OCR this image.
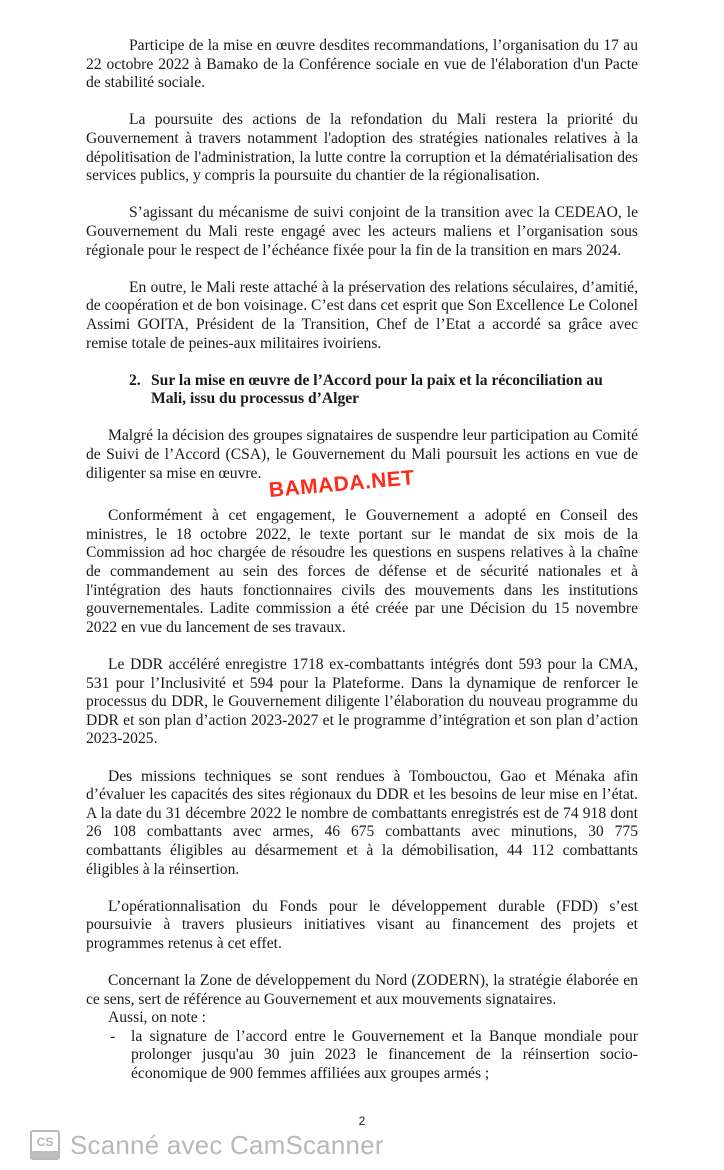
Participe de la mise en œuvre desdites recommandations, l’organisation du 17 au 22 octobre 2022 à Bamako de la Conférence sociale en vue de l'élaboration d'un Pacte de stabilité sociale.

La poursuite des actions de la refondation du Mali restera la priorité du Gouvernement à travers notamment l'adoption des stratégies nationales relatives à la dépolitisation de l'administration, la lutte contre la corruption et la dématérialisation des services publics, y compris la poursuite du chantier de la régionalisation.

S’agissant du mécanisme de suivi conjoint de la transition avec la CEDEAO, le Gouvernement du Mali reste engagé avec les acteurs maliens et l’organisation sous régionale pour le respect de l’échéance fixée pour la fin de la transition en mars 2024.

En outre, le Mali reste attaché à la préservation des relations séculaires, d’amitié, de coopération et de bon voisinage. C’est dans cet esprit que Son Excellence Le Colonel Assimi GOITA, Président de la Transition, Chef de l’Etat a accordé sa grâce avec remise totale de peines-aux militaires ivoiriens.

2. Sur la mise en œuvre de l’Accord pour la paix et la réconciliation au Mali, issu du processus d’Alger

Malgré la décision des groupes signataires de suspendre leur participation au Comité de Suivi de l’Accord (CSA), le Gouvernement du Mali poursuit les actions en vue de diligenter sa mise en œuvre. BAMADA.NET

Conformément à cet engagement, le Gouvernement a adopté en Conseil des ministres, le 18 octobre 2022, le texte portant sur le mandat de six mois de la Commission ad hoc chargée de résoudre les questions en suspens relatives à la chaîne de commandement au sein des forces de défense et de sécurité nationales et à l'intégration des hauts fonctionnaires civils des mouvements dans les institutions gouvernementales. Ladite commission a été créée par une Décision du 15 novembre 2022 en vue du lancement de ses travaux.

Le DDR accéléré enregistre 1718 ex-combattants intégrés dont 593 pour la CMA, 531 pour l’Inclusivité et 594 pour la Plateforme. Dans la dynamique de renforcer le processus du DDR, le Gouvernement diligente l’élaboration du nouveau programme du DDR et son plan d’action 2023-2027 et le programme d’intégration et son plan d’action 2023-2025.

Des missions techniques se sont rendues à Tombouctou, Gao et Ménaka afin d’évaluer les capacités des sites régionaux du DDR et les besoins de leur mise en l’état. A la date du 31 décembre 2022 le nombre de combattants enregistrés est de 74 918 dont 26 108 combattants avec armes, 46 675 combattants avec minutions, 30 775 combattants éligibles au désarmement et à la démobilisation, 44 112 combattants éligibles à la réinsertion.

L’opérationnalisation du Fonds pour le développement durable (FDD) s’est poursuivie à travers plusieurs initiatives visant au financement des projets et programmes retenus à cet effet.

Concernant la Zone de développement du Nord (ZODERN), la stratégie élaborée en ce sens, sert de référence au Gouvernement et aux mouvements signataires.

Aussi, on note :

-	la signature de l’accord entre le Gouvernement et la Banque mondiale pour prolonger jusqu'au 30 juin 2023 le financement de la réinsertion socio-économique de 900 femmes affiliées aux groupes armés ;
2
CS Scanné avec CamScanner
